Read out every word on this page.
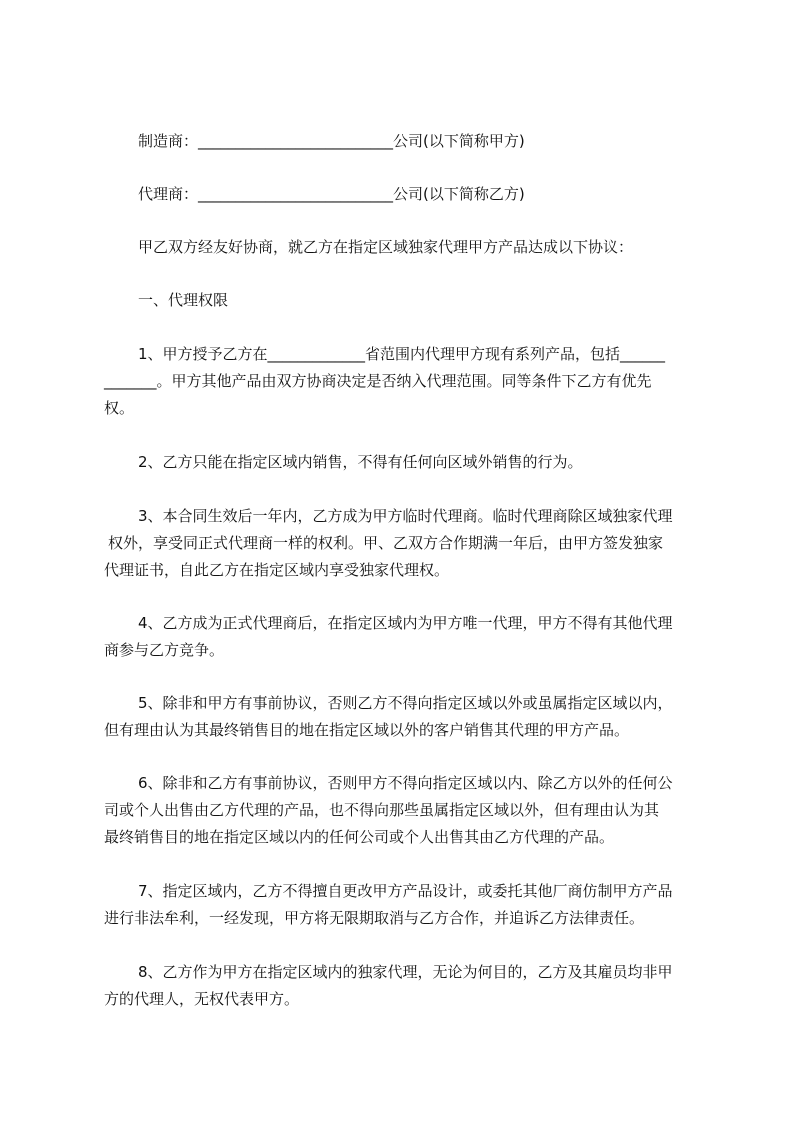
制造商：__________________________公司(以下简称甲方)
代理商：__________________________公司(以下简称乙方)
甲乙双方经友好协商，就乙方在指定区域独家代理甲方产品达成以下协议：
一、代理权限
1、甲方授予乙方在_____________省范围内代理甲方现有系列产品，包括______
_______。甲方其他产品由双方协商决定是否纳入代理范围。同等条件下乙方有优先
权。
2、乙方只能在指定区域内销售，不得有任何向区域外销售的行为。
3、本合同生效后一年内，乙方成为甲方临时代理商。临时代理商除区域独家代理
权外，享受同正式代理商一样的权利。甲、乙双方合作期满一年后，由甲方签发独家
代理证书，自此乙方在指定区域内享受独家代理权。
4、乙方成为正式代理商后，在指定区域内为甲方唯一代理，甲方不得有其他代理
商参与乙方竞争。
5、除非和甲方有事前协议，否则乙方不得向指定区域以外或虽属指定区域以内，
但有理由认为其最终销售目的地在指定区域以外的客户销售其代理的甲方产品。
6、除非和乙方有事前协议，否则甲方不得向指定区域以内、除乙方以外的任何公
司或个人出售由乙方代理的产品，也不得向那些虽属指定区域以外，但有理由认为其
最终销售目的地在指定区域以内的任何公司或个人出售其由乙方代理的产品。
7、指定区域内，乙方不得擅自更改甲方产品设计，或委托其他厂商仿制甲方产品
进行非法牟利，一经发现，甲方将无限期取消与乙方合作，并追诉乙方法律责任。
8、乙方作为甲方在指定区域内的独家代理，无论为何目的，乙方及其雇员均非甲
方的代理人，无权代表甲方。
